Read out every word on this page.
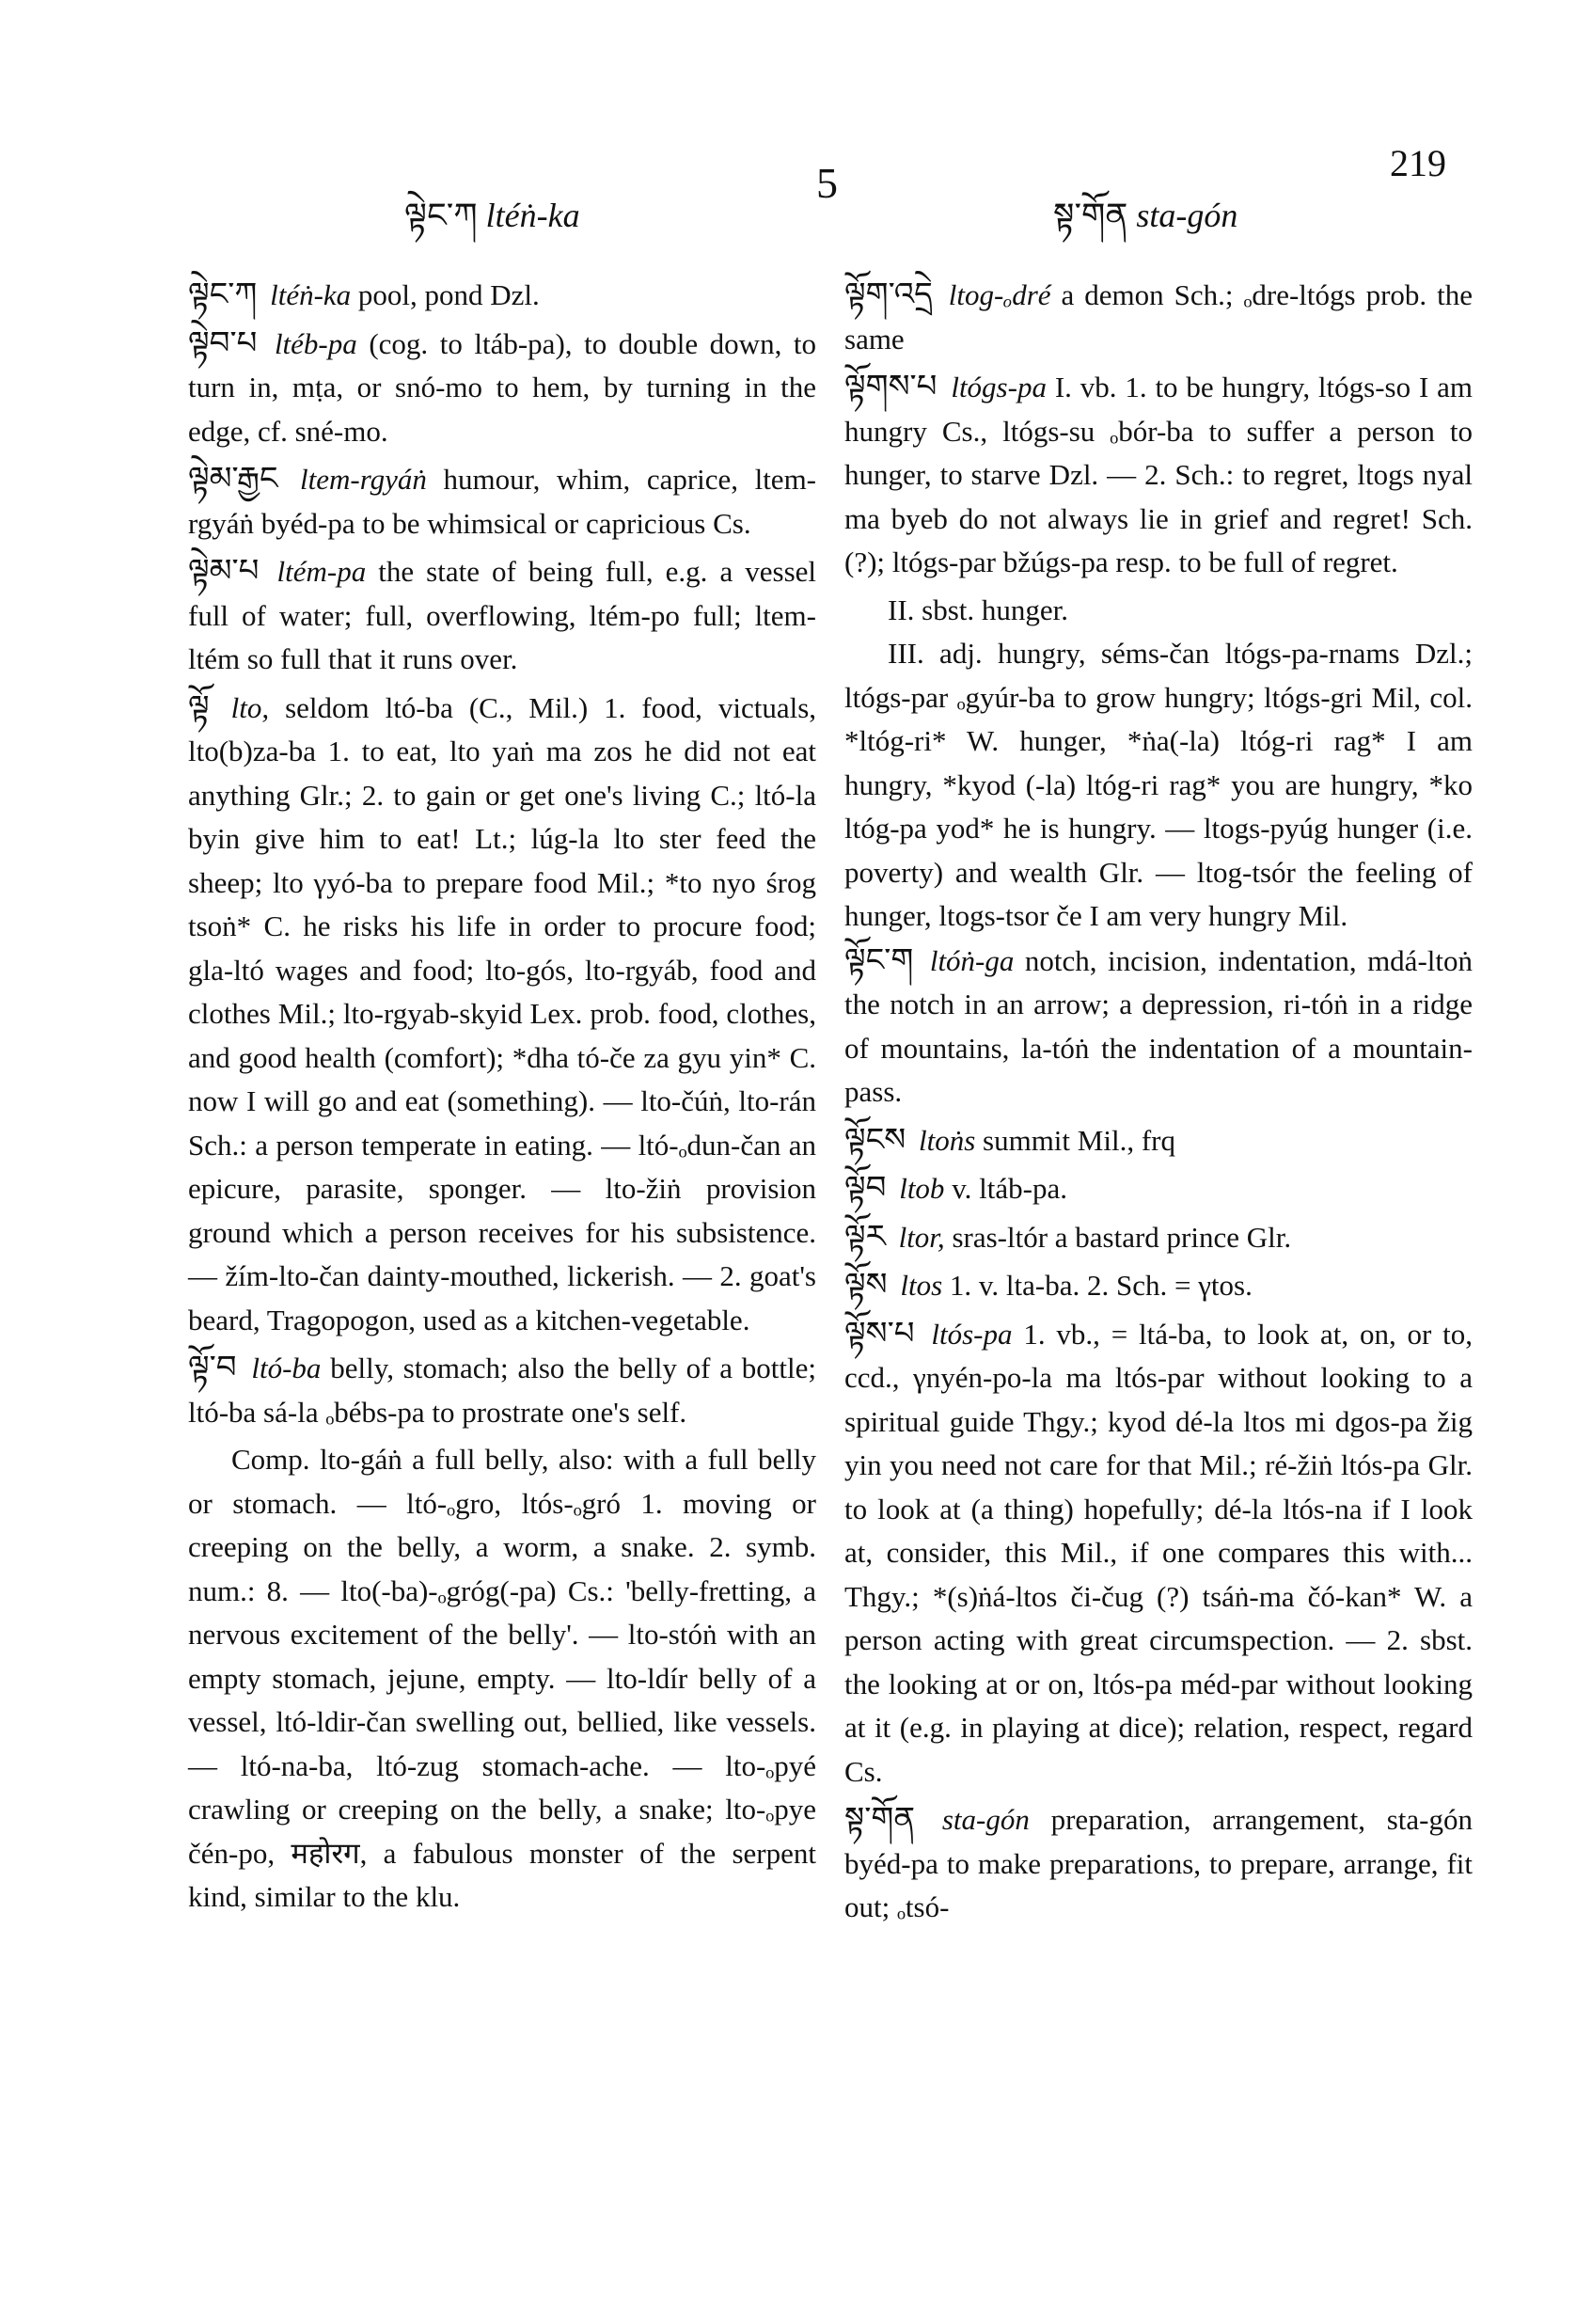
ལྟེང་ཀ ltéṅ-ka
5
སྟ་གོན sta-gón
219
ལྟེང་ཀ ltéṅ-ka pool, pond Dzl.
ལྟེབ་པ ltéb-pa (cog. to ltáb-pa), to double down, to turn in, mṭa, or snó-mo to hem, by turning in the edge, cf. sné-mo.
ལྟེམ་རྒྱང ltem-rgyáṅ humour, whim, caprice, ltem-rgyáṅ byéd-pa to be whimsical or capricious Cs.
ལྟེམ་པ ltém-pa the state of being full, e.g. a vessel full of water; full, overflowing, ltém-po full; ltem-ltém so full that it runs over.
ལྟོ lto, seldom ltó-ba (C., Mil.) 1. food, victuals, lto(b)za-ba 1. to eat, lto yaṅ ma zos he did not eat anything Glr.; 2. to gain or get one's living C.; ltó-la byin give him to eat! Lt.; lúg-la lto ster feed the sheep; lto γyó-ba to prepare food Mil.; *to nyo śrog tsoṅ* C. he risks his life in order to procure food; gla-ltó wages and food; lto-gós, lto-rgyáb, food and clothes Mil.; lto-rgyab-skyid Lex. prob. food, clothes, and good health (comfort); *dha tó-če za gyu yin* C. now I will go and eat (something). — lto-čúṅ, lto-rán Sch.: a person temperate in eating. — ltó-ₒdun-čan an epicure, parasite, sponger. — lto-žiṅ provision ground which a person receives for his subsistence. — žím-lto-čan dainty-mouthed, lickerish. — 2. goat's beard, Tragopogon, used as a kitchen-vegetable.
ལྟོ་བ ltó-ba belly, stomach; also the belly of a bottle; ltó-ba sá-la ₒbébs-pa to prostrate one's self.
Comp. lto-gáṅ a full belly, also: with a full belly or stomach. — ltó-ₒgro, ltós-ₒgró 1. moving or creeping on the belly, a worm, a snake. 2. symb. num.: 8. — lto(-ba)-ₒgróg(-pa) Cs.: 'belly-fretting, a nervous excitement of the belly'. — lto-stóṅ with an empty stomach, jejune, empty. — lto-ldír belly of a vessel, ltó-ldir-čan swelling out, bellied, like vessels. — ltó-na-ba, ltó-zug stomach-ache. — lto-ₒpyé crawling or creeping on the belly, a snake; lto-ₒpye čén-po, महोरग, a fabulous monster of the serpent kind, similar to the klu.
ལྟོག་འདྲེ ltog-ₒdré a demon Sch.; ₒdre-ltógs prob. the same
ལྟོགས་པ ltógs-pa I. vb. 1. to be hungry, ltógs-so I am hungry Cs., ltógs-su ₒbór-ba to suffer a person to hunger, to starve Dzl. — 2. Sch.: to regret, ltogs nyal ma byeb do not always lie in grief and regret! Sch.(?); ltógs-par bžúgs-pa resp. to be full of regret.
II. sbst. hunger.
III. adj. hungry, séms-čan ltógs-pa-rnams Dzl.; ltógs-par ₒgyúr-ba to grow hungry; ltógs-gri Mil, col. *ltóg-ri* W. hunger, *ṅa(-la) ltóg-ri rag* I am hungry, *kyod (-la) ltóg-ri rag* you are hungry, *ko ltóg-pa yod* he is hungry. — ltogs-pyúg hunger (i.e. poverty) and wealth Glr. — ltog-tsór the feeling of hunger, ltogs-tsor če I am very hungry Mil.
ལྟོང་ག ltóṅ-ga notch, incision, indentation, mdá-ltoṅ the notch in an arrow; a depression, ri-tóṅ in a ridge of mountains, la-tóṅ the indentation of a mountain-pass.
ལྟོངས ltoṅs summit Mil., frq
ལྟོབ ltob v. ltáb-pa.
ལྟོར ltor, sras-ltór a bastard prince Glr.
ལྟོས ltos 1. v. lta-ba. 2. Sch. = γtos.
ལྟོས་པ ltós-pa 1. vb., = ltá-ba, to look at, on, or to, ccd., γnyén-po-la ma ltós-par without looking to a spiritual guide Thgy.; kyod dé-la ltos mi dgos-pa žig yin you need not care for that Mil.; ré-žiṅ ltós-pa Glr. to look at (a thing) hopefully; dé-la ltós-na if I look at, consider, this Mil., if one compares this with... Thgy.; *(s)ṅá-ltos či-čug (?) tsáṅ-ma čó-kan* W. a person acting with great circumspection. — 2. sbst. the looking at or on, ltós-pa méd-par without looking at it (e.g. in playing at dice); relation, respect, regard Cs.
སྟ་གོན sta-gón preparation, arrangement, sta-gón byéd-pa to make preparations, to prepare, arrange, fit out; ₒtsó-
